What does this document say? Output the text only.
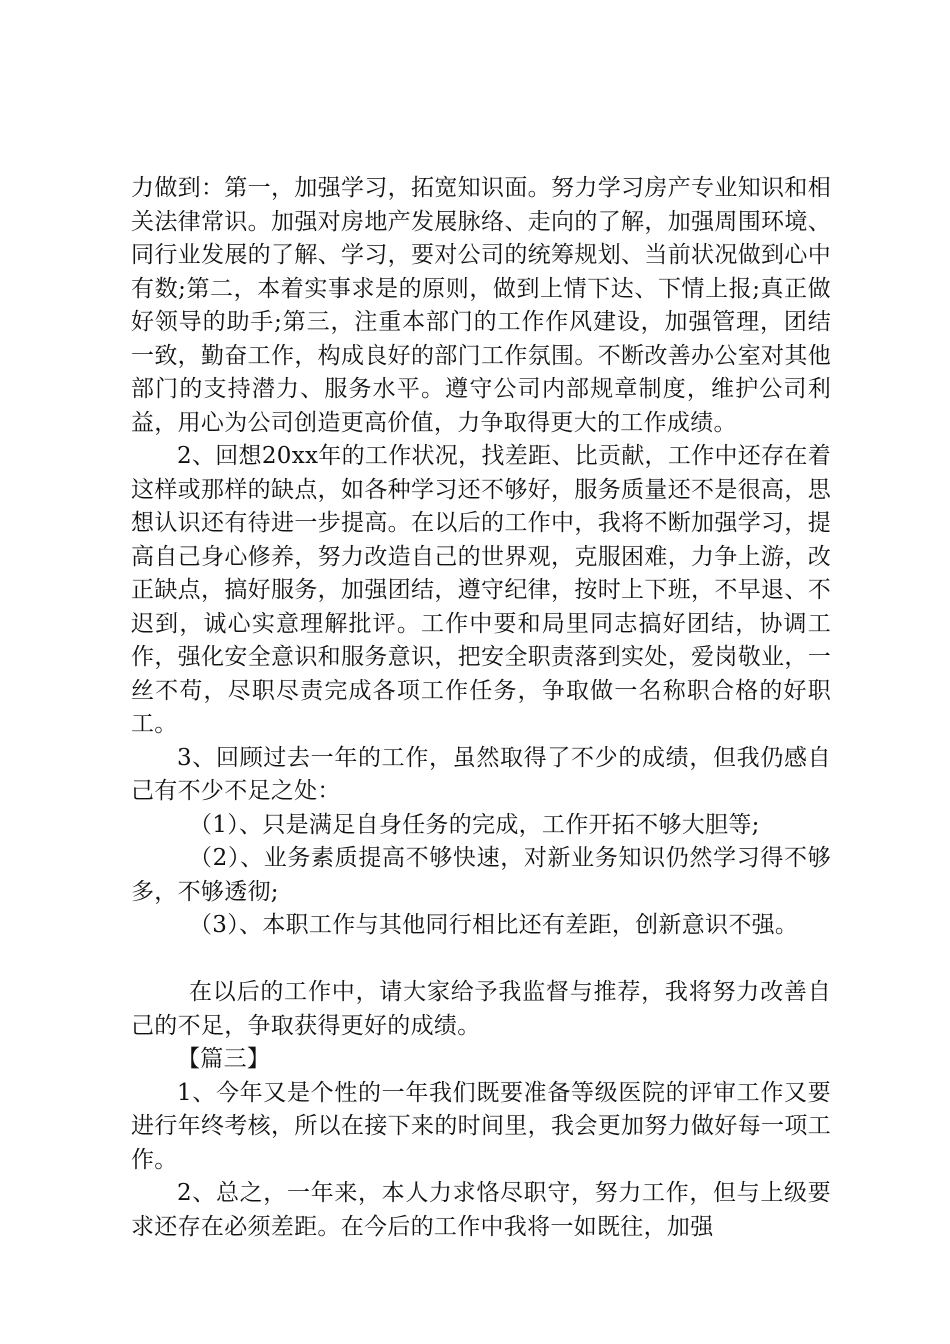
力做到：第一，加强学习，拓宽知识面。努力学习房产专业知识和相关法律常识。加强对房地产发展脉络、走向的了解，加强周围环境、同行业发展的了解、学习，要对公司的统筹规划、当前状况做到心中有数;第二，本着实事求是的原则，做到上情下达、下情上报;真正做好领导的助手;第三，注重本部门的工作作风建设，加强管理，团结一致，勤奋工作，构成良好的部门工作氛围。不断改善办公室对其他部门的支持潜力、服务水平。遵守公司内部规章制度，维护公司利益，用心为公司创造更高价值，力争取得更大的工作成绩。

2、回想20xx年的工作状况，找差距、比贡献，工作中还存在着这样或那样的缺点，如各种学习还不够好，服务质量还不是很高，思想认识还有待进一步提高。在以后的工作中，我将不断加强学习，提高自己身心修养，努力改造自己的世界观，克服困难，力争上游，改正缺点，搞好服务，加强团结，遵守纪律，按时上下班，不早退、不迟到，诚心实意理解批评。工作中要和局里同志搞好团结，协调工作，强化安全意识和服务意识，把安全职责落到实处，爱岗敬业，一丝不苟，尽职尽责完成各项工作任务，争取做一名称职合格的好职工。

3、回顾过去一年的工作，虽然取得了不少的成绩，但我仍感自己有不少不足之处：

（1）、只是满足自身任务的完成，工作开拓不够大胆等;

（2）、业务素质提高不够快速，对新业务知识仍然学习得不够多，不够透彻;

（3）、本职工作与其他同行相比还有差距，创新意识不强。

在以后的工作中，请大家给予我监督与推荐，我将努力改善自己的不足，争取获得更好的成绩。

【篇三】

1、今年又是个性的一年我们既要准备等级医院的评审工作又要进行年终考核，所以在接下来的时间里，我会更加努力做好每一项工作。

2、总之，一年来，本人力求恪尽职守，努力工作，但与上级要求还存在必须差距。在今后的工作中我将一如既往，加强
